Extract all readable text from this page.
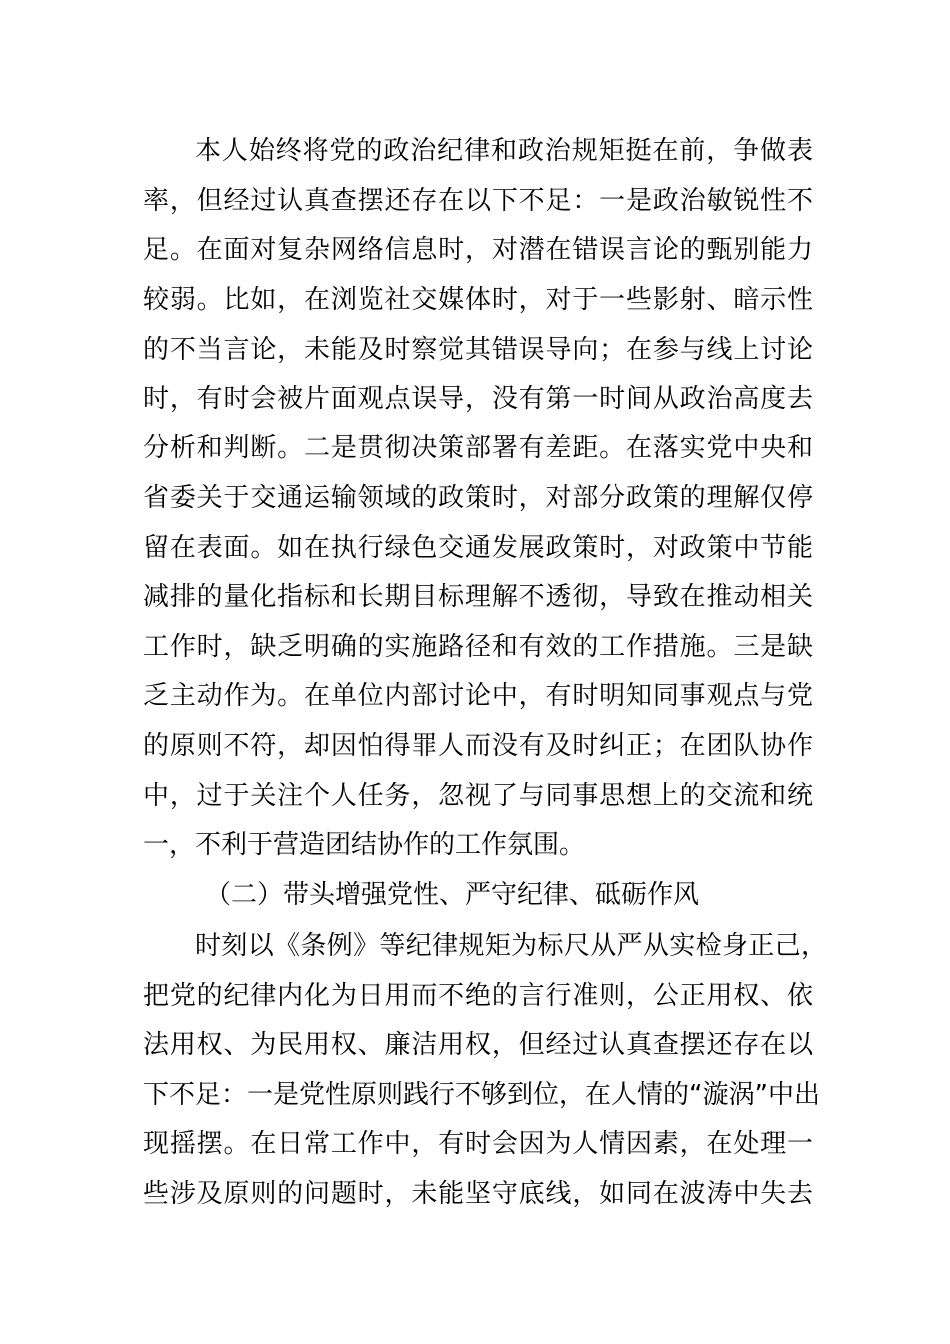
本人始终将党的政治纪律和政治规矩挺在前，争做表
率，但经过认真查摆还存在以下不足：一是政治敏锐性不
足。在面对复杂网络信息时，对潜在错误言论的甄别能力
较弱。比如，在浏览社交媒体时，对于一些影射、暗示性
的不当言论，未能及时察觉其错误导向；在参与线上讨论
时，有时会被片面观点误导，没有第一时间从政治高度去
分析和判断。二是贯彻决策部署有差距。在落实党中央和
省委关于交通运输领域的政策时，对部分政策的理解仅停
留在表面。如在执行绿色交通发展政策时，对政策中节能
减排的量化指标和长期目标理解不透彻，导致在推动相关
工作时，缺乏明确的实施路径和有效的工作措施。三是缺
乏主动作为。在单位内部讨论中，有时明知同事观点与党
的原则不符，却因怕得罪人而没有及时纠正；在团队协作
中，过于关注个人任务，忽视了与同事思想上的交流和统
一，不利于营造团结协作的工作氛围。
（二）带头增强党性、严守纪律、砥砺作风
时刻以《条例》等纪律规矩为标尺从严从实检身正己，
把党的纪律内化为日用而不绝的言行准则，公正用权、依
法用权、为民用权、廉洁用权，但经过认真查摆还存在以
下不足：一是党性原则践行不够到位，在人情的“漩涡”中出
现摇摆。在日常工作中，有时会因为人情因素，在处理一
些涉及原则的问题时，未能坚守底线，如同在波涛中失去
